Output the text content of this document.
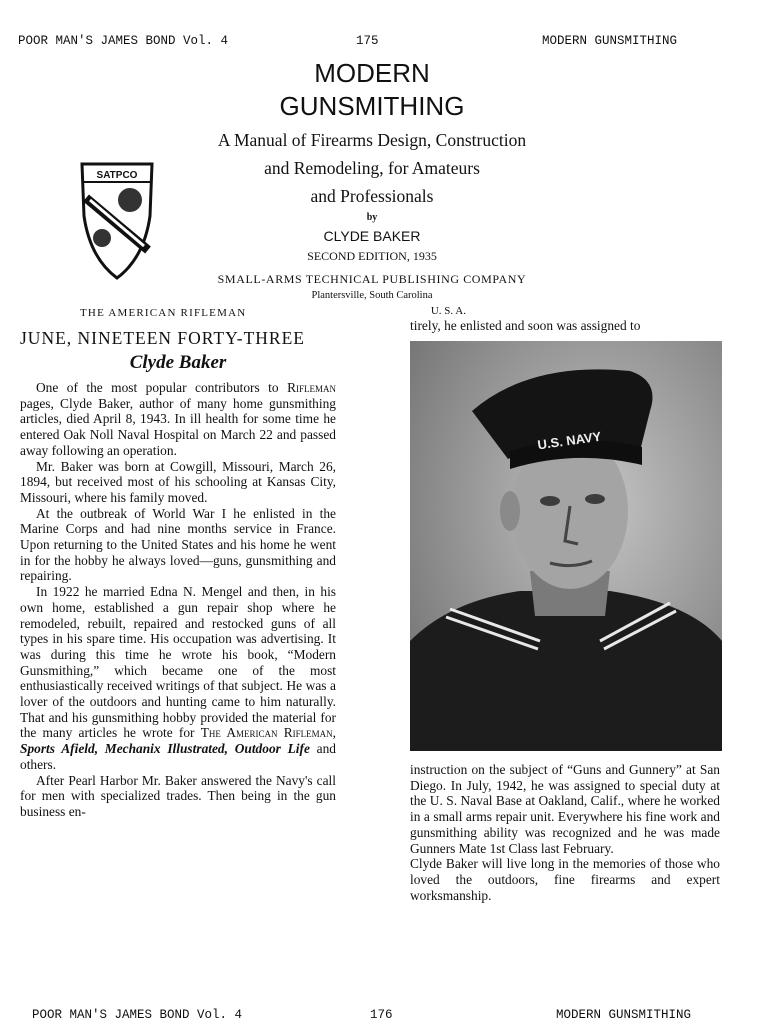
POOR MAN'S JAMES BOND Vol. 4	175	MODERN GUNSMITHING
MODERN
GUNSMITHING
A Manual of Firearms Design, Construction
and Remodeling, for Amateurs
and Professionals
by
CLYDE BAKER
SECOND EDITION, 1935
SMALL-ARMS TECHNICAL PUBLISHING COMPANY
Plantersville, South Carolina
U. S. A.
SATPCO
THE AMERICAN RIFLEMAN
JUNE, NINETEEN FORTY-THREE
Clyde Baker

One of the most popular contributors to Rifleman pages, Clyde Baker, author of many home gunsmithing articles, died April 8, 1943. In ill health for some time he entered Oak Noll Naval Hospital on March 22 and passed away following an operation.

Mr. Baker was born at Cowgill, Missouri, March 26, 1894, but received most of his schooling at Kansas City, Missouri, where his family moved.

At the outbreak of World War I he enlisted in the Marine Corps and had nine months service in France. Upon returning to the United States and his home he went in for the hobby he always loved—guns, gunsmithing and repairing.

In 1922 he married Edna N. Mengel and then, in his own home, established a gun repair shop where he remodeled, rebuilt, repaired and restocked guns of all types in his spare time. His occupation was advertising. It was during this time he wrote his book, “Modern Gunsmithing,” which became one of the most enthusiastically received writings of that subject. He was a lover of the outdoors and hunting came to him naturally. That and his gunsmithing hobby provided the material for the many articles he wrote for The American Rifleman, Sports Afield, Mechanix Illustrated, Outdoor Life and others.

After Pearl Harbor Mr. Baker answered the Navy's call for men with specialized trades. Then being in the gun business en-

tirely, he enlisted and soon was assigned to
U.S. NAVY

instruction on the subject of “Guns and Gunnery” at San Diego. In July, 1942, he was assigned to special duty at the U. S. Naval Base at Oakland, Calif., where he worked in a small arms repair unit. Everywhere his fine work and gunsmithing ability was recognized and he was made Gunners Mate 1st Class last February.

Clyde Baker will live long in the memories of those who loved the outdoors, fine firearms and expert worksmanship.

POOR MAN'S JAMES BOND Vol. 4	176	MODERN GUNSMITHING
